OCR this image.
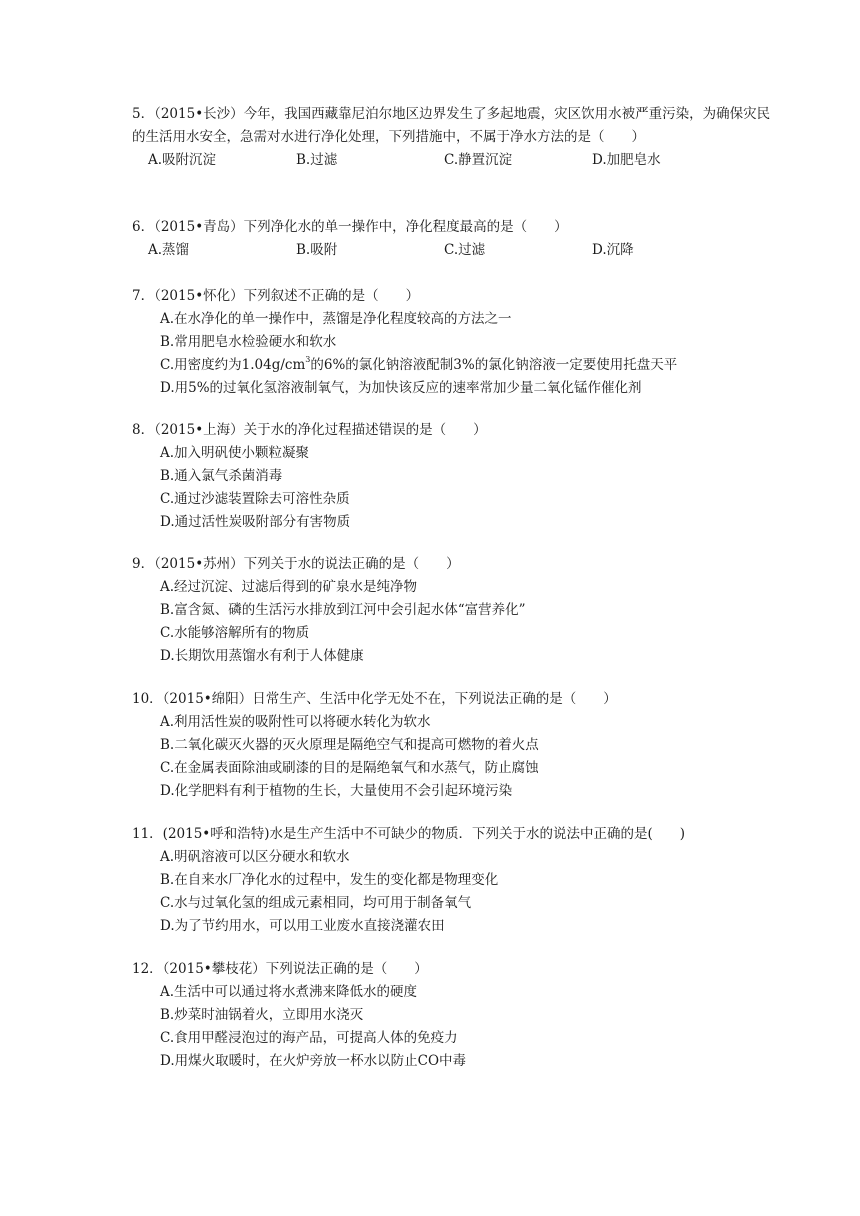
5．（2015•长沙）今年，我国西藏靠尼泊尔地区边界发生了多起地震，灾区饮用水被严重污染，为确保灾民的生活用水安全，急需对水进行净化处理，下列措施中，不属于净水方法的是（　　）

A.吸附沉淀	B.过滤	C.静置沉淀	D.加肥皂水

6．（2015•青岛）下列净化水的单一操作中，净化程度最高的是（　　）

A.蒸馏	B.吸附	C.过滤	D.沉降

7．（2015•怀化）下列叙述不正确的是（　　）

A.在水净化的单一操作中，蒸馏是净化程度较高的方法之一
B.常用肥皂水检验硬水和软水
C.用密度约为$1.04g/cm^3$的6%的氯化钠溶液配制3%的氯化钠溶液一定要使用托盘天平
D.用5%的过氧化氢溶液制氧气，为加快该反应的速率常加少量二氧化锰作催化剂

8．（2015•上海）关于水的净化过程描述错误的是（　　）

A.加入明矾使小颗粒凝聚
B.通入氯气杀菌消毒
C.通过沙滤装置除去可溶性杂质
D.通过活性炭吸附部分有害物质

9．（2015•苏州）下列关于水的说法正确的是（　　）

A.经过沉淀、过滤后得到的矿泉水是纯净物
B.富含氮、磷的生活污水排放到江河中会引起水体“富营养化”
C.水能够溶解所有的物质
D.长期饮用蒸馏水有利于人体健康

10．（2015•绵阳）日常生产、生活中化学无处不在，下列说法正确的是（　　）

A.利用活性炭的吸附性可以将硬水转化为软水
B.二氧化碳灭火器的灭火原理是隔绝空气和提高可燃物的着火点
C.在金属表面除油或刷漆的目的是隔绝氧气和水蒸气，防止腐蚀
D.化学肥料有利于植物的生长，大量使用不会引起环境污染

11．(2015•呼和浩特)水是生产生活中不可缺少的物质．下列关于水的说法中正确的是(　　)

A.明矾溶液可以区分硬水和软水
B.在自来水厂净化水的过程中，发生的变化都是物理变化
C.水与过氧化氢的组成元素相同，均可用于制备氧气
D.为了节约用水，可以用工业废水直接浇灌农田

12．（2015•攀枝花）下列说法正确的是（　　）

A.生活中可以通过将水煮沸来降低水的硬度
B.炒菜时油锅着火，立即用水浇灭
C.食用甲醛浸泡过的海产品，可提高人体的免疫力
D.用煤火取暖时，在火炉旁放一杯水以防止CO中毒
